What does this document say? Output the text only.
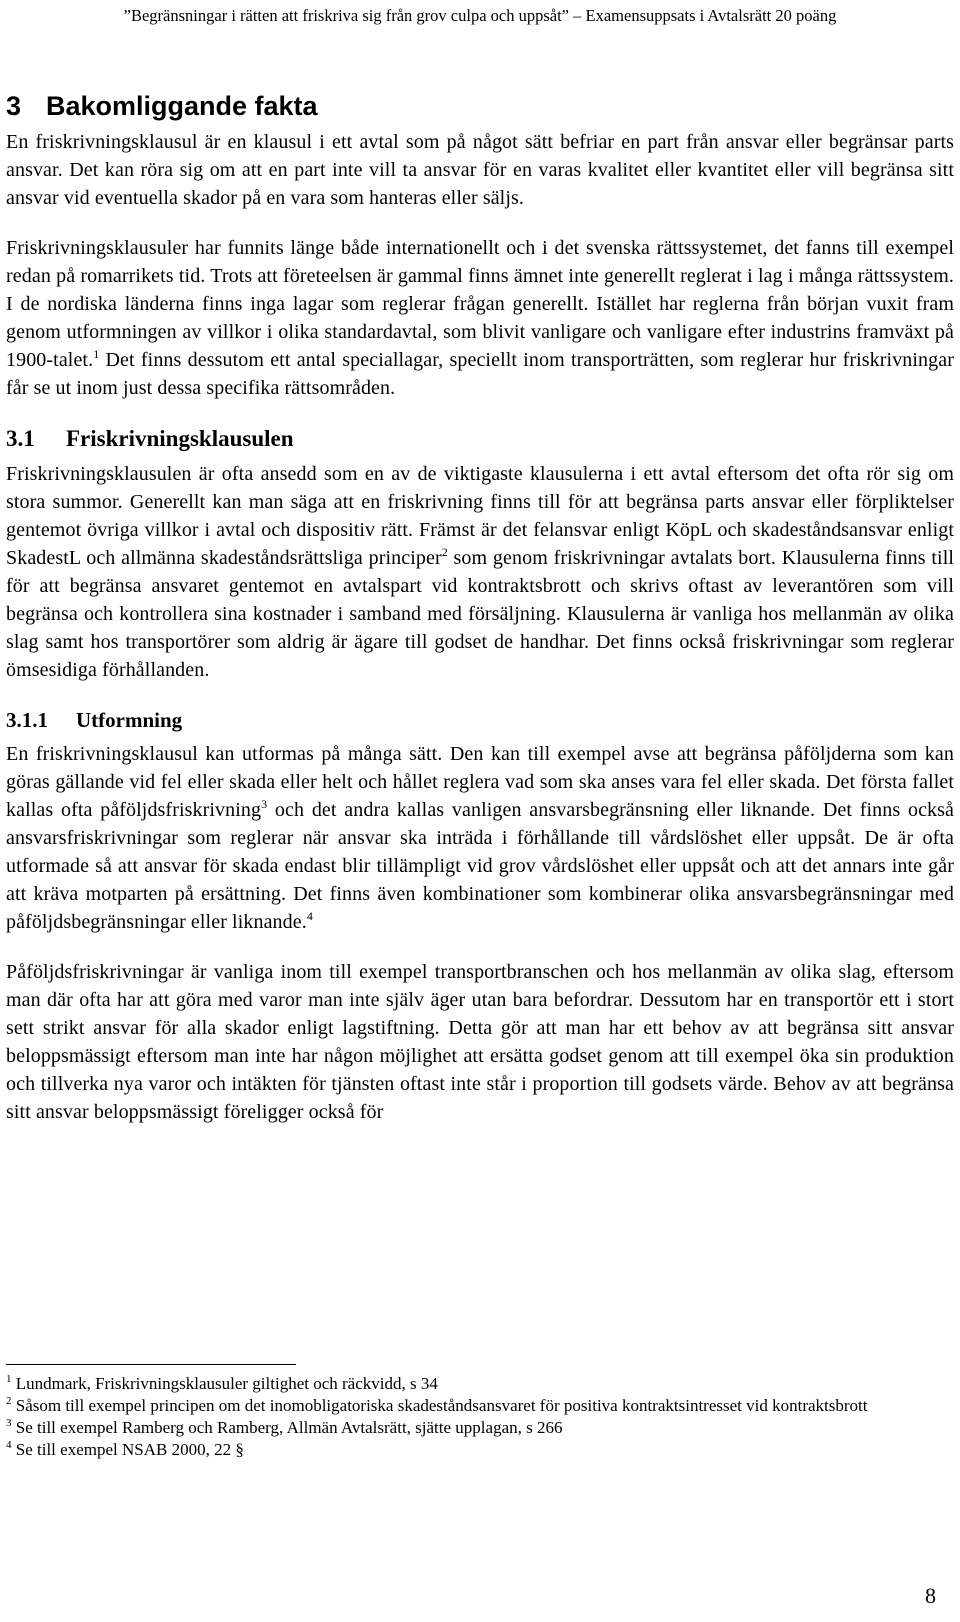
”Begränsningar i rätten att friskriva sig från grov culpa och uppsåt” – Examensuppsats i Avtalsrätt 20 poäng
3 Bakomliggande fakta

En friskrivningsklausul är en klausul i ett avtal som på något sätt befriar en part från ansvar eller begränsar parts ansvar. Det kan röra sig om att en part inte vill ta ansvar för en varas kvalitet eller kvantitet eller vill begränsa sitt ansvar vid eventuella skador på en vara som hanteras eller säljs.

Friskrivningsklausuler har funnits länge både internationellt och i det svenska rättssystemet, det fanns till exempel redan på romarrikets tid. Trots att företeelsen är gammal finns ämnet inte generellt reglerat i lag i många rättssystem. I de nordiska länderna finns inga lagar som reglerar frågan generellt. Istället har reglerna från början vuxit fram genom utformningen av villkor i olika standardavtal, som blivit vanligare och vanligare efter industrins framväxt på 1900-talet.$^1$ Det finns dessutom ett antal speciallagar, speciellt inom transporträtten, som reglerar hur friskrivningar får se ut inom just dessa specifika rättsområden.

3.1 Friskrivningsklausulen

Friskrivningsklausulen är ofta ansedd som en av de viktigaste klausulerna i ett avtal eftersom det ofta rör sig om stora summor. Generellt kan man säga att en friskrivning finns till för att begränsa parts ansvar eller förpliktelser gentemot övriga villkor i avtal och dispositiv rätt. Främst är det felansvar enligt KöpL och skadeståndsansvar enligt SkadestL och allmänna skadeståndsrättsliga principer$^2$ som genom friskrivningar avtalats bort. Klausulerna finns till för att begränsa ansvaret gentemot en avtalspart vid kontraktsbrott och skrivs oftast av leverantören som vill begränsa och kontrollera sina kostnader i samband med försäljning. Klausulerna är vanliga hos mellanmän av olika slag samt hos transportörer som aldrig är ägare till godset de handhar. Det finns också friskrivningar som reglerar ömsesidiga förhållanden.

3.1.1 Utformning

En friskrivningsklausul kan utformas på många sätt. Den kan till exempel avse att begränsa påföljderna som kan göras gällande vid fel eller skada eller helt och hållet reglera vad som ska anses vara fel eller skada. Det första fallet kallas ofta påföljdsfriskrivning$^3$ och det andra kallas vanligen ansvarsbegränsning eller liknande. Det finns också ansvarsfriskrivningar som reglerar när ansvar ska inträda i förhållande till vårdslöshet eller uppsåt. De är ofta utformade så att ansvar för skada endast blir tillämpligt vid grov vårdslöshet eller uppsåt och att det annars inte går att kräva motparten på ersättning. Det finns även kombinationer som kombinerar olika ansvarsbegränsningar med påföljdsbegränsningar eller liknande.$^4$

Påföljdsfriskrivningar är vanliga inom till exempel transportbranschen och hos mellanmän av olika slag, eftersom man där ofta har att göra med varor man inte själv äger utan bara befordrar. Dessutom har en transportör ett i stort sett strikt ansvar för alla skador enligt lagstiftning. Detta gör att man har ett behov av att begränsa sitt ansvar beloppsmässigt eftersom man inte har någon möjlighet att ersätta godset genom att till exempel öka sin produktion och tillverka nya varor och intäkten för tjänsten oftast inte står i proportion till godsets värde. Behov av att begränsa sitt ansvar beloppsmässigt föreligger också för

$^1$ Lundmark, Friskrivningsklausuler giltighet och räckvidd, s 34
$^2$ Såsom till exempel principen om det inomobligatoriska skadeståndsansvaret för positiva kontraktsintresset vid kontraktsbrott
$^3$ Se till exempel Ramberg och Ramberg, Allmän Avtalsrätt, sjätte upplagan, s 266
$^4$ Se till exempel NSAB 2000, 22 §
8
